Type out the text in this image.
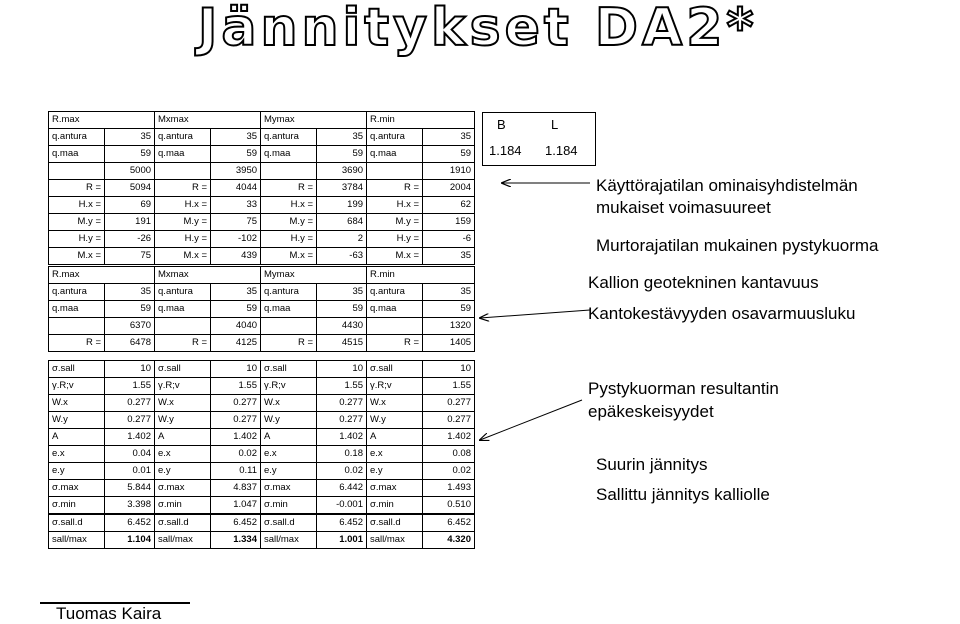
Jännitykset DA2*
R.max		Mxmax		Mymax		R.min	
q.antura	35	q.antura	35	q.antura	35	q.antura	35
q.maa	59	q.maa	59	q.maa	59	q.maa	59
	5000		3950		3690		1910
R =	5094	R =	4044	R =	3784	R =	2004
H.x =	69	H.x =	33	H.x =	199	H.x =	62
M.y =	191	M.y =	75	M.y =	684	M.y =	159
H.y =	-26	H.y =	-102	H.y =	2	H.y =	-6
M.x =	75	M.x =	439	M.x =	-63	M.x =	35
R.max		Mxmax		Mymax		R.min	
q.antura	35	q.antura	35	q.antura	35	q.antura	35
q.maa	59	q.maa	59	q.maa	59	q.maa	59
	6370		4040		4430		1320
R =	6478	R =	4125	R =	4515	R =	1405
σ.sall	10	σ.sall	10	σ.sall	10	σ.sall	10
γ.R;v	1.55	γ.R;v	1.55	γ.R;v	1.55	γ.R;v	1.55
W.x	0.277	W.x	0.277	W.x	0.277	W.x	0.277
W.y	0.277	W.y	0.277	W.y	0.277	W.y	0.277
A	1.402	A	1.402	A	1.402	A	1.402
e.x	0.04	e.x	0.02	e.x	0.18	e.x	0.08
e.y	0.01	e.y	0.11	e.y	0.02	e.y	0.02
σ.max	5.844	σ.max	4.837	σ.max	6.442	σ.max	1.493
σ.min	3.398	σ.min	1.047	σ.min	-0.001	σ.min	0.510
σ.sall.d	6.452	σ.sall.d	6.452	σ.sall.d	6.452	σ.sall.d	6.452
sall/max	1.104	sall/max	1.334	sall/max	1.001	sall/max	4.320
B	L
1.184 1.184
Käyttörajatilan ominaisyhdistelmän
mukaiset voimasuureet
Murtorajatilan mukainen pystykuorma
Kallion geotekninen kantavuus
Kantokestävyyden osavarmuusluku
Pystykuorman resultantin
epäkeskeisyydet
Suurin jännitys
Sallittu jännitys kalliolle
Tuomas Kaira
